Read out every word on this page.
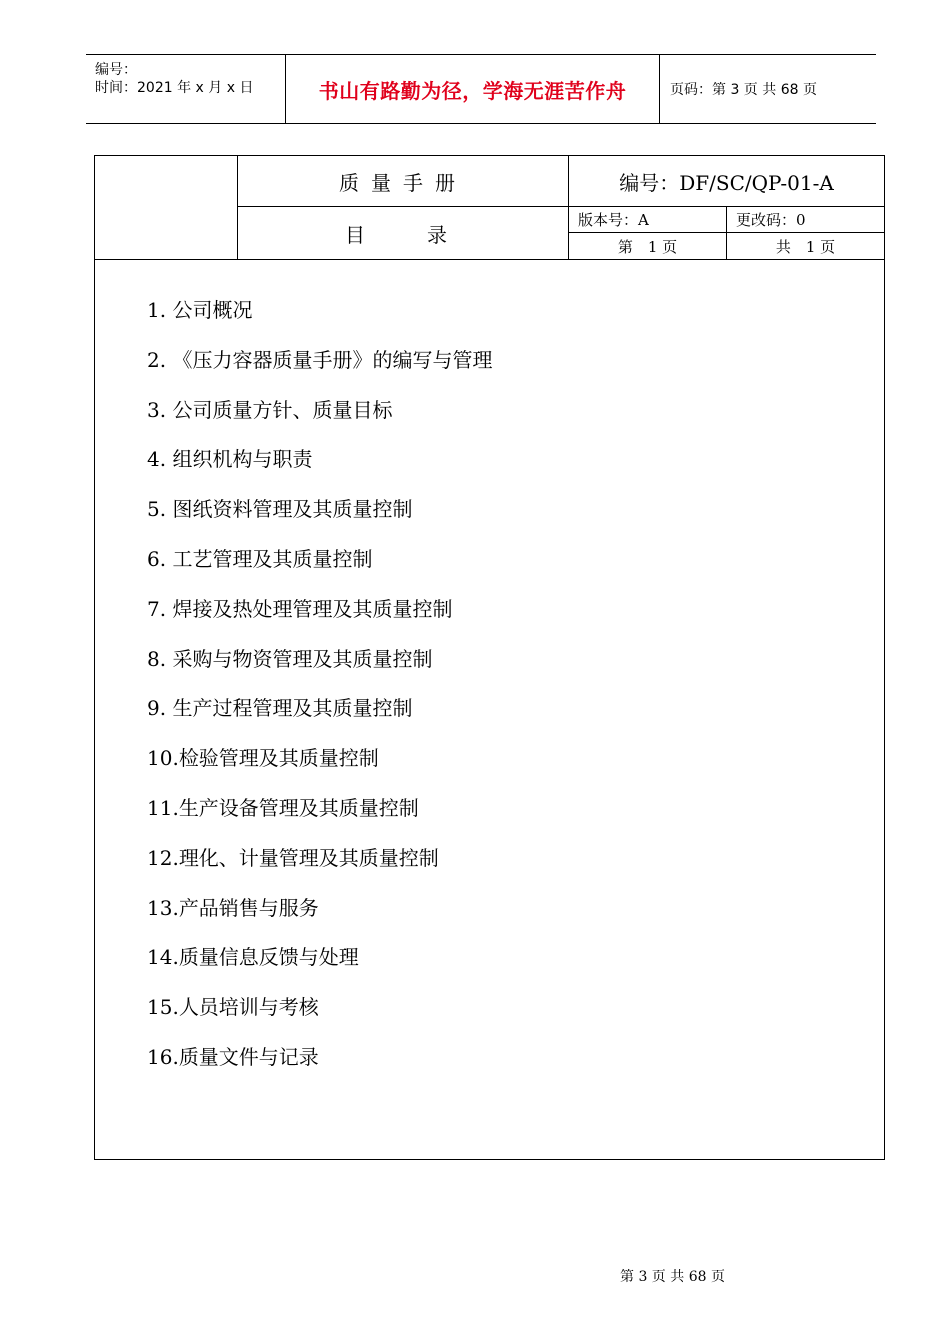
编号：
时间：2021 年 x 月 x 日	书山有路勤为径，学海无涯苦作舟	页码：第 3 页 共 68 页
质量手册
目录
编号：DF/SC/QP-01-A
版本号：A	更改码：0
第　1 页	共　1 页
1. 公司概况
2. 《压力容器质量手册》的编写与管理
3. 公司质量方针、质量目标
4. 组织机构与职责
5. 图纸资料管理及其质量控制
6. 工艺管理及其质量控制
7. 焊接及热处理管理及其质量控制
8. 采购与物资管理及其质量控制
9. 生产过程管理及其质量控制
10.检验管理及其质量控制
11.生产设备管理及其质量控制
12.理化、计量管理及其质量控制
13.产品销售与服务
14.质量信息反馈与处理
15.人员培训与考核
16.质量文件与记录
第 3 页 共 68 页
